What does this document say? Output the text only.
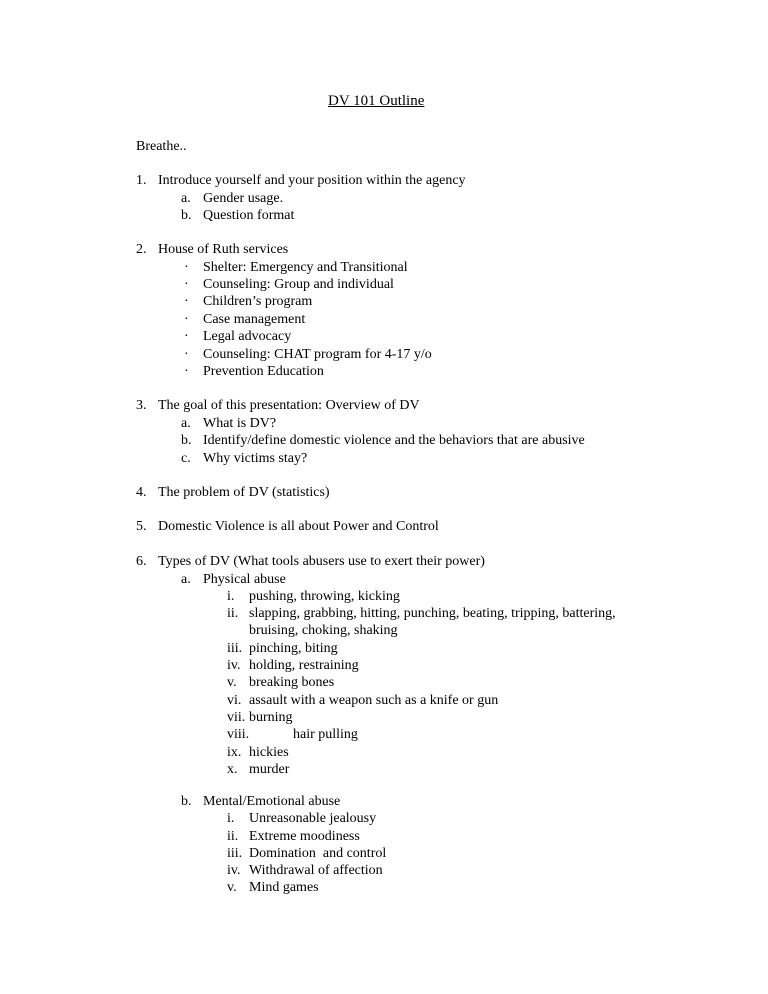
DV 101 Outline
Breathe..
1. Introduce yourself and your position within the agency
a. Gender usage.
b. Question format
2. House of Ruth services
· Shelter: Emergency and Transitional
· Counseling: Group and individual
· Children’s program
· Case management
· Legal advocacy
· Counseling: CHAT program for 4-17 y/o
· Prevention Education
3. The goal of this presentation: Overview of DV
a. What is DV?
b. Identify/define domestic violence and the behaviors that are abusive
c. Why victims stay?
4. The problem of DV (statistics)
5. Domestic Violence is all about Power and Control
6. Types of DV (What tools abusers use to exert their power)
a. Physical abuse
i. pushing, throwing, kicking
ii. slapping, grabbing, hitting, punching, beating, tripping, battering,
bruising, choking, shaking
iii. pinching, biting
iv. holding, restraining
v. breaking bones
vi. assault with a weapon such as a knife or gun
vii. burning
viii.	hair pulling
ix. hickies
x. murder
b. Mental/Emotional abuse
i. Unreasonable jealousy
ii. Extreme moodiness
iii. Domination  and control
iv. Withdrawal of affection
v. Mind games
